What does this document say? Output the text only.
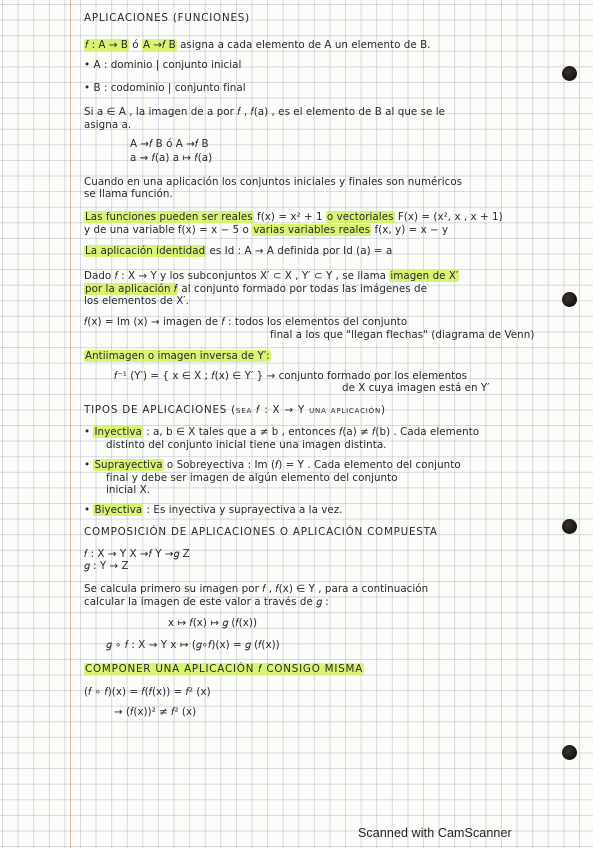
APLICACIONES (FUNCIONES)
𝑓 : A → B ó A →𝑓 B asigna a cada elemento de A un elemento de B.
• A : dominio | conjunto inicial
• B : codominio | conjunto final
Si a ∈ A , la imagen de a por 𝑓 , 𝑓(a) , es el elemento de B al que se le
asigna a.
A →𝑓 B ó A →𝑓 B
a ⇝ 𝑓(a) a ↦ 𝑓(a)
Cuando en una aplicación los conjuntos iniciales y finales son numéricos
se llama función.
Las funciones pueden ser reales f(x) = x² + 1 o vectoriales F(x) = (x², x , x + 1)
y de una variable f(x) = x − 5 o varias variables reales f(x, y) = x − y
La aplicación identidad es Id : A → A definida por Id (a) = a
Dado 𝑓 : X → Y y los subconjuntos X′ ⊂ X , Y′ ⊂ Y , se llama imagen de X′
por la aplicación 𝑓 al conjunto formado por todas las imágenes de
los elementos de X′.
𝑓(x) = Im (x) → imagen de 𝑓 : todos los elementos del conjunto
final a los que "llegan flechas" (diagrama de Venn)
Antiimagen o imagen inversa de Y′:
𝑓⁻¹ (Y′) = { x ∈ X ; 𝑓(x) ∈ Y′ } → conjunto formado por los elementos
de X cuya imagen está en Y′
TIPOS DE APLICACIONES (sea 𝑓 : X → Y una aplicación)
• Inyectiva : a, b ∈ X tales que a ≠ b , entonces 𝑓(a) ≠ 𝑓(b) . Cada elemento
distinto del conjunto inicial tiene una imagen distinta.
• Suprayectiva o Sobreyectiva : Im (𝑓) = Y . Cada elemento del conjunto
final y debe ser imagen de algún elemento del conjunto
inicial X.
• Biyectiva : Es inyectiva y suprayectiva a la vez.
COMPOSICIÓN DE APLICACIONES O APLICACIÓN COMPUESTA
𝑓 : X → Y X →𝑓 Y →𝑔 Z
𝑔 : Y → Z
Se calcula primero su imagen por 𝑓 , 𝑓(x) ∈ Y , para a continuación
calcular la imagen de este valor a través de 𝑔 :
x ↦ 𝑓(x) ↦ 𝑔 (𝑓(x))
𝑔 ∘ 𝑓 : X → Y x ↦ (𝑔∘𝑓)(x) = 𝑔 (𝑓(x))
COMPONER UNA APLICACIÓN 𝑓 CONSIGO MISMA
(𝑓 ∘ 𝑓)(x) = 𝑓(𝑓(x)) = 𝑓² (x)
→ (𝑓(x))² ≠ 𝑓² (x)
Scanned with CamScanner
